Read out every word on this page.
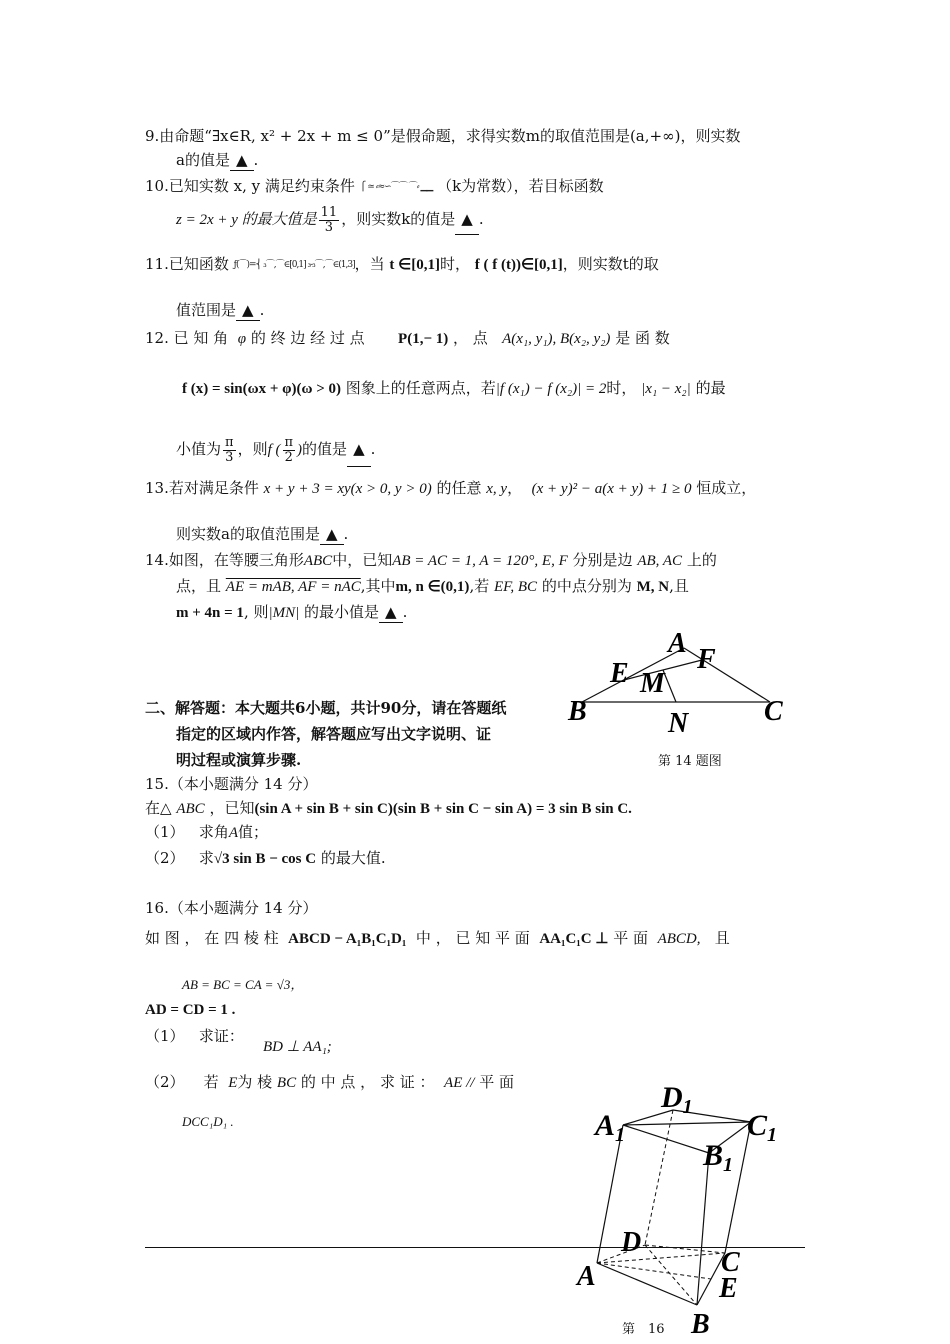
9.由命题“∃x∈R, x² + 2x + m ≤ 0”是假命题，求得实数m的取值范围是(a,+∞)，则实数
a的值是 ▲ .
10.已知实数 x, y 满足约束条件 ⎧ ≃ ⸗≈∽⌒⌒ ⌒⸗ ▁▁ （k为常数），若目标函数
z = 2x + y 的最大值是 $\frac{11}{3}$ ，则实数k的值是 ▲ .
11.已知函数 ƒ(⌒)=⎨ ₃⌒,⌒∈[0,1] ₃-₃⌒,⌒∈(1,3]，当 t ∈[0,1]时， f ( f (t))∈[0,1]，则实数t的取
值范围是 ▲ .
12. 已 知 角 φ 的 终 边 经 过 点 P(1,− 1) ， 点 A(x₁, y₁), B(x₂, y₂) 是 函 数
f (x) = sin(ωx + φ)(ω > 0) 图象上的任意两点，若|f (x₁) − f (x₂)| = 2时， |x₁ − x₂| 的最
小值为 $\frac{\pi}{3}$ ，则f ( $\frac{\pi}{2}$ )的值是 ▲ .
13.若对满足条件 x + y + 3 = xy(x > 0, y > 0) 的任意 x, y， (x + y)² − a(x + y) + 1 ≥ 0 恒成立，
则实数a的取值范围是 ▲ .
14.如图，在等腰三角形ABC中，已知AB = AC = 1, A = 120°, E, F 分别是边 AB, AC 上的
点，且 AE = mAB, AF = nAC,其中m, n ∈(0,1),若 EF, BC 的中点分别为 M, N,且
m + 4n = 1, 则|MN| 的最小值是 ▲ .
A
B	C
E F
M
N
第 14 题图
二、解答题：本大题共6小题，共计90分，请在答题纸
指定的区域内作答，解答题应写出文字说明、证
明过程或演算步骤.
15.（本小题满分 14 分）
在△ ABC ，已知(sin A + sin B + sin C)(sin B + sin C − sin A) = 3 sin B sin C.
（1） 求角A值；
（2） 求√3 sin B − cos C 的最大值.
16.（本小题满分 14 分）
如 图 ， 在 四 棱 柱 ABCD − A₁B₁C₁D₁ 中 ， 已 知 平 面 AA₁C₁C ⊥ 平 面 ABCD, 且
AB = BC = CA = √3，
AD = CD = 1 .
（1） 求证：    BD ⊥ AA₁;
（2） 若 E为 棱 BC 的 中 点 ， 求 证 ： AE // 平 面
DCC₁D₁ .	$A_1$
$D_1$
$C_1$
$B_1$
D
A	C
E
B
第　16
